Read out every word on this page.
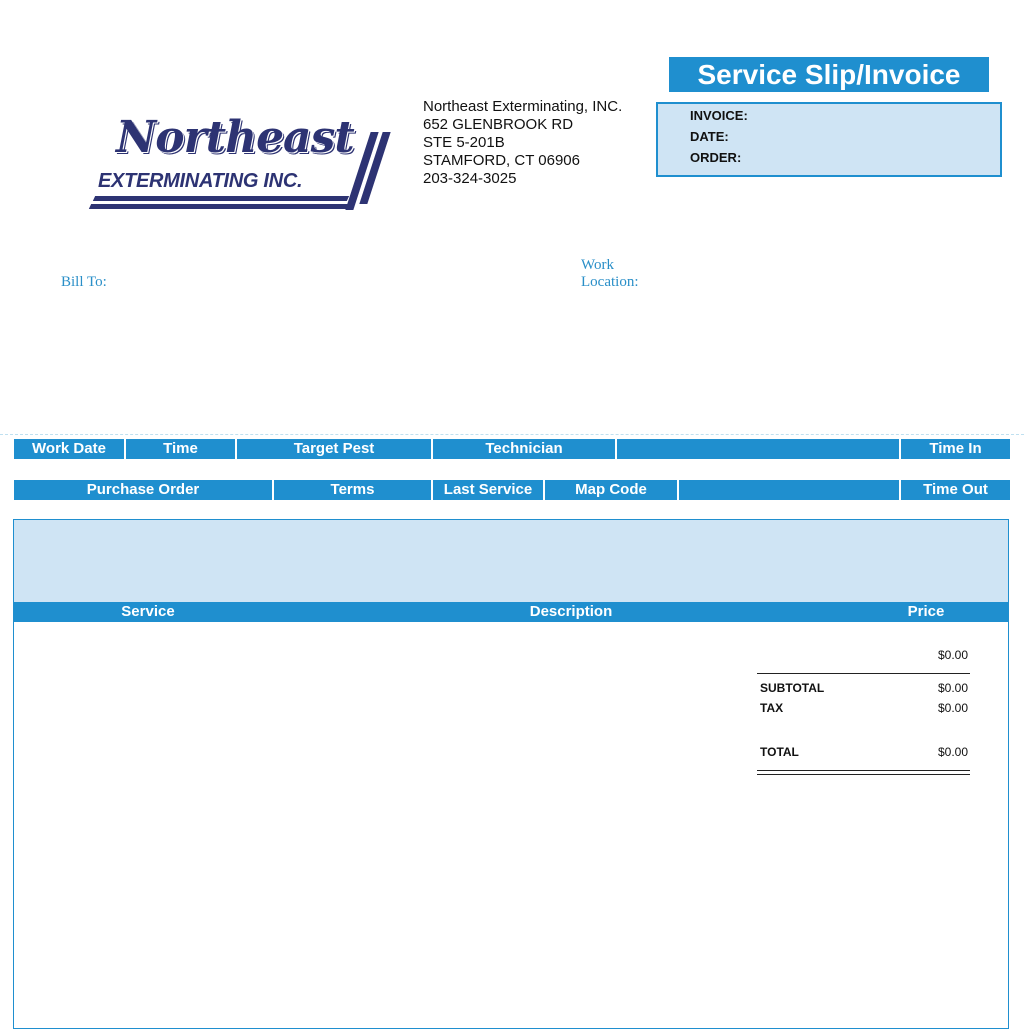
Northeast
EXTERMINATING INC.
Northeast Exterminating, INC.
652 GLENBROOK RD
STE 5-201B
STAMFORD, CT 06906
203-324-3025
Service Slip/Invoice
INVOICE:
DATE:
ORDER:
Bill To:
Work
Location:
Work Date	Time	Target Pest	Technician	Time In
Purchase Order	Terms	Last Service	Map Code	Time Out
Service	Description	Price
$0.00
SUBTOTAL	$0.00
TAX	$0.00
TOTAL	$0.00
